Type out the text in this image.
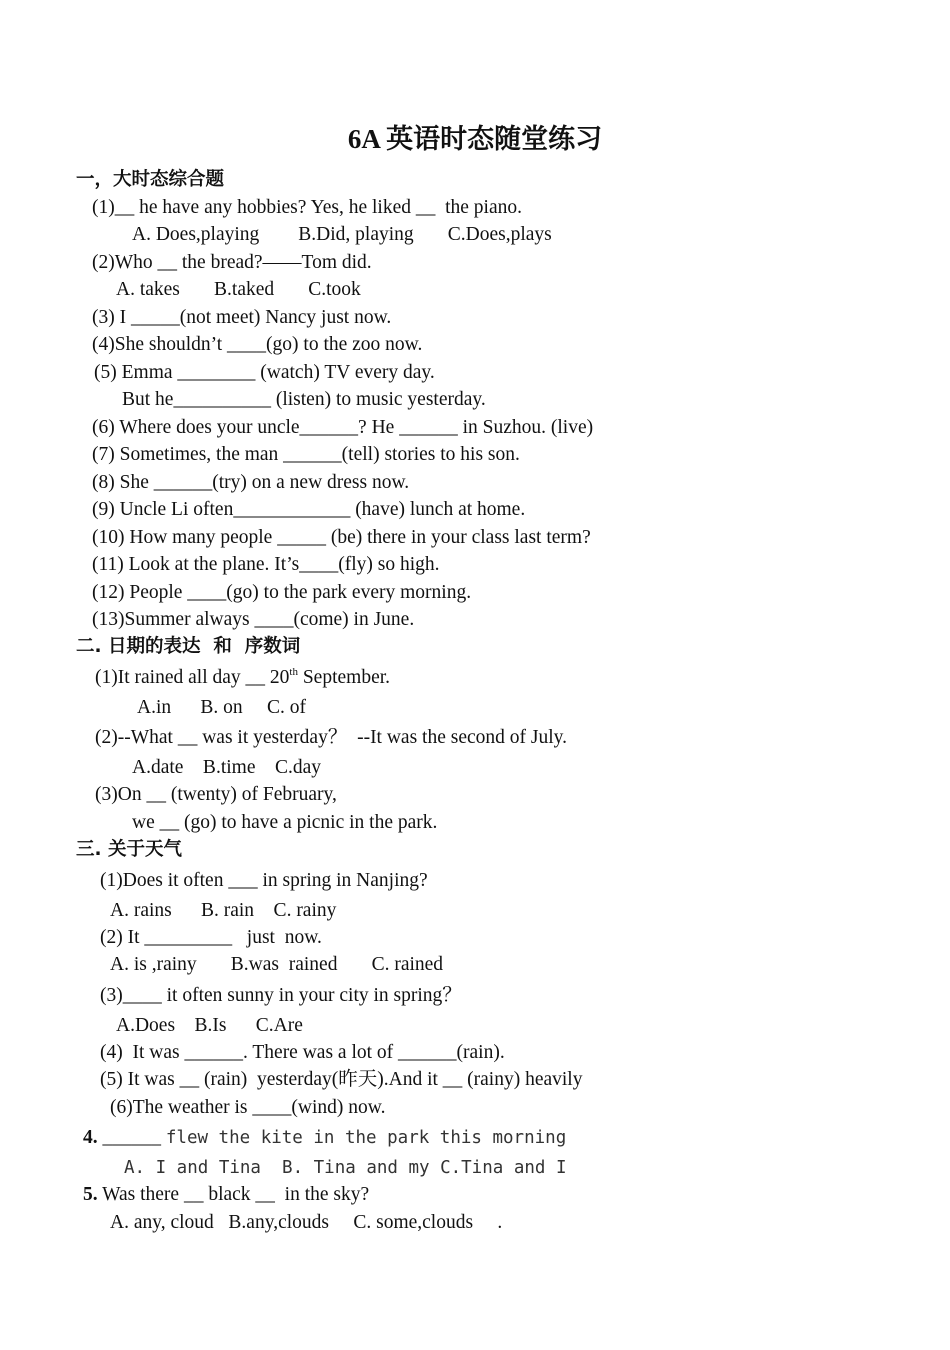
6A 英语时态随堂练习
一，大时态综合题
(1)__ he have any hobbies? Yes, he liked __  the piano.
A. Does,playing        B.Did, playing       C.Does,plays
(2)Who __ the bread?——Tom did.
A. takes       B.taked       C.took
(3) I _____(not meet) Nancy just now.
(4)She shouldn’t ____(go) to the zoo now.
(5) Emma ________ (watch) TV every day.
But he__________ (listen) to music yesterday.
(6) Where does your uncle______? He ______ in Suzhou. (live)
(7) Sometimes, the man ______(tell) stories to his son.
(8) She ______(try) on a new dress now.
(9) Uncle Li often____________ (have) lunch at home.
(10) How many people _____ (be) there in your class last term?
(11) Look at the plane. It’s____(fly) so high.
(12) People ____(go) to the park every morning.
(13)Summer always ____(come) in June.
二. 日期的表达  和  序数词
(1)It rained all day __ 20th September.
A.in      B. on     C. of
(2)--What __ was it yesterday？  --It was the second of July.
A.date    B.time    C.day
(3)On __ (twenty) of February,
we __ (go) to have a picnic in the park.
三. 关于天气
(1)Does it often ___ in spring in Nanjing?
A. rains      B. rain    C. rainy
(2) It _________   just  now.
A. is ,rainy       B.was  rained       C. rained
(3)____ it often sunny in your city in spring？
A.Does    B.Is      C.Are
(4)  It was ______. There was a lot of ______(rain).
(5) It was __ (rain)  yesterday(昨天).And it __ (rainy) heavily
(6)The weather is ____(wind) now.
4. ______ flew the kite in the park this morning
A. I and Tina  B. Tina and my C.Tina and I
5. Was there __ black __  in the sky?
A. any, cloud   B.any,clouds     C. some,clouds     .
